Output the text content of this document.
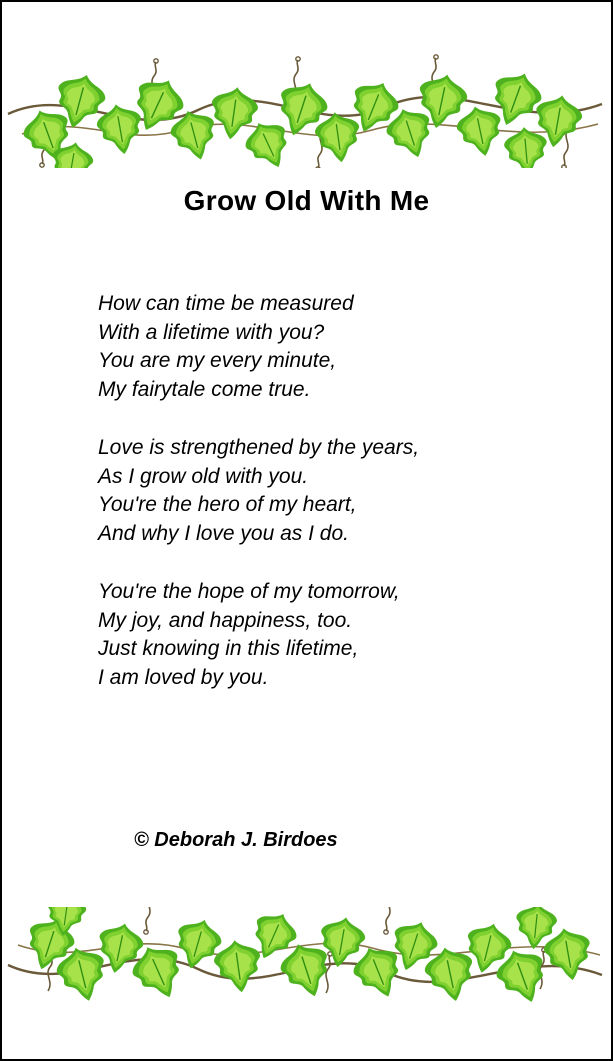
Grow Old With Me
How can time be measured
With a lifetime with you?
You are my every minute,
My fairytale come true.
Love is strengthened by the years,
As I grow old with you.
You're the hero of my heart,
And why I love you as I do.
You're the hope of my tomorrow,
My joy, and happiness, too.
Just knowing in this lifetime,
I am loved by you.
© Deborah J. Birdoes
